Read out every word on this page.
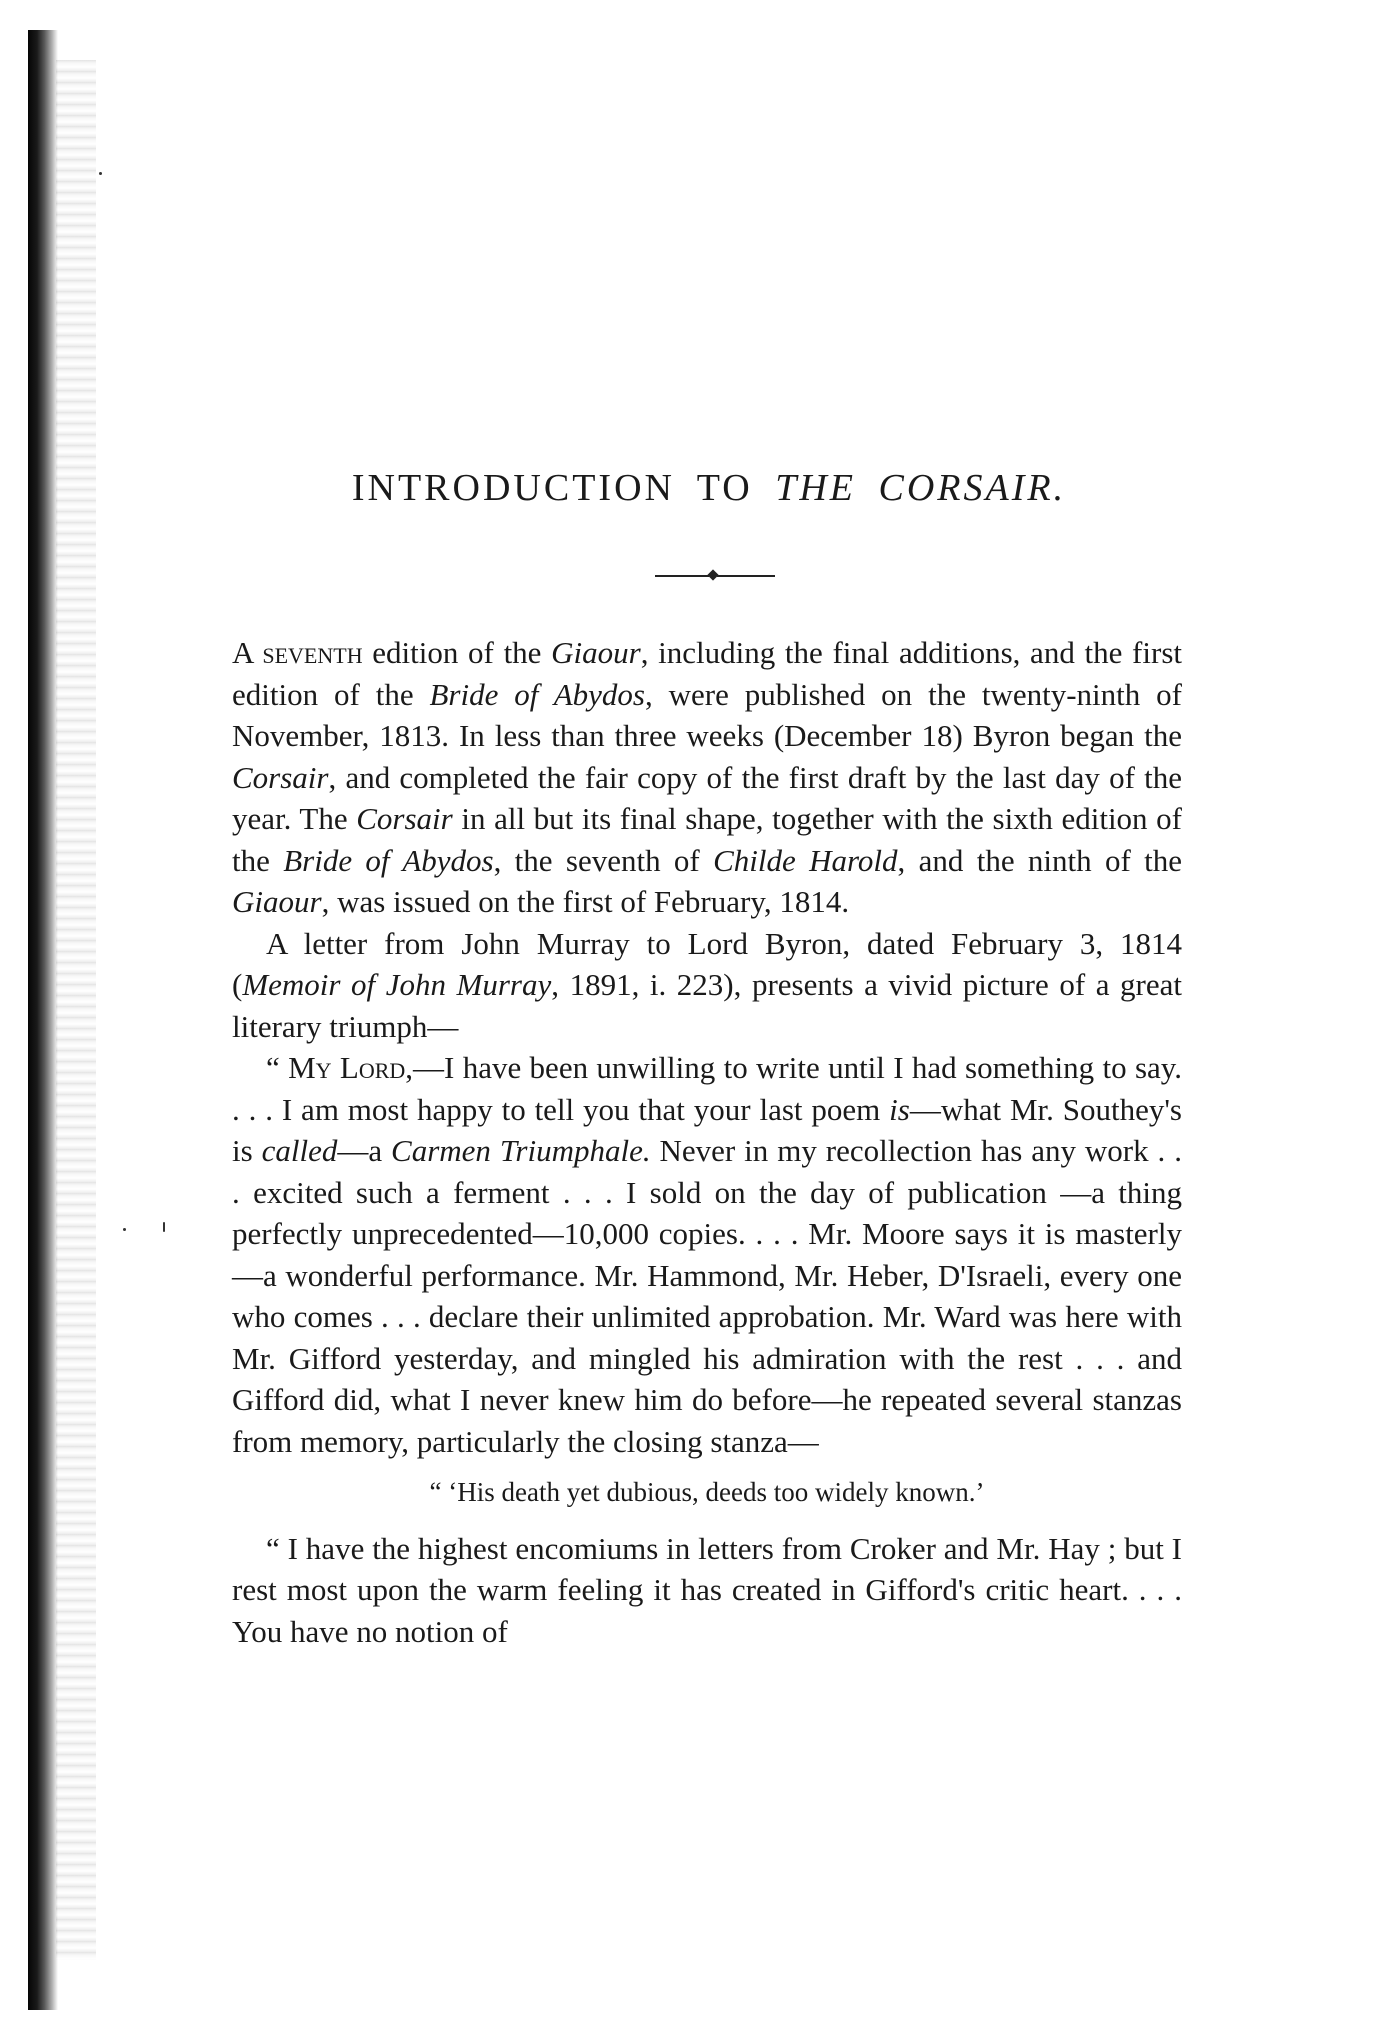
INTRODUCTION TO THE CORSAIR.

A seventh edition of the Giaour, including the final additions, and the first edition of the Bride of Abydos, were published on the twenty-ninth of November, 1813. In less than three weeks (December 18) Byron began the Corsair, and completed the fair copy of the first draft by the last day of the year. The Corsair in all but its final shape, together with the sixth edition of the Bride of Abydos, the seventh of Childe Harold, and the ninth of the Giaour, was issued on the first of February, 1814.

A letter from John Murray to Lord Byron, dated February 3, 1814 (Memoir of John Murray, 1891, i. 223), presents a vivid picture of a great literary triumph—

“ My Lord,—I have been unwilling to write until I had something to say. . . . I am most happy to tell you that your last poem is—what Mr. Southey's is called—a Carmen Triumphale. Never in my recollection has any work . . . excited such a ferment . . . I sold on the day of publication —a thing perfectly unprecedented—10,000 copies. . . . Mr. Moore says it is masterly—a wonderful performance. Mr. Hammond, Mr. Heber, D'Israeli, every one who comes . . . declare their unlimited approbation. Mr. Ward was here with Mr. Gifford yesterday, and mingled his admiration with the rest . . . and Gifford did, what I never knew him do before—he repeated several stanzas from memory, particularly the closing stanza—

“ ‘His death yet dubious, deeds too widely known.’

“ I have the highest encomiums in letters from Croker and Mr. Hay ; but I rest most upon the warm feeling it has created in Gifford's critic heart. . . . You have no notion of
